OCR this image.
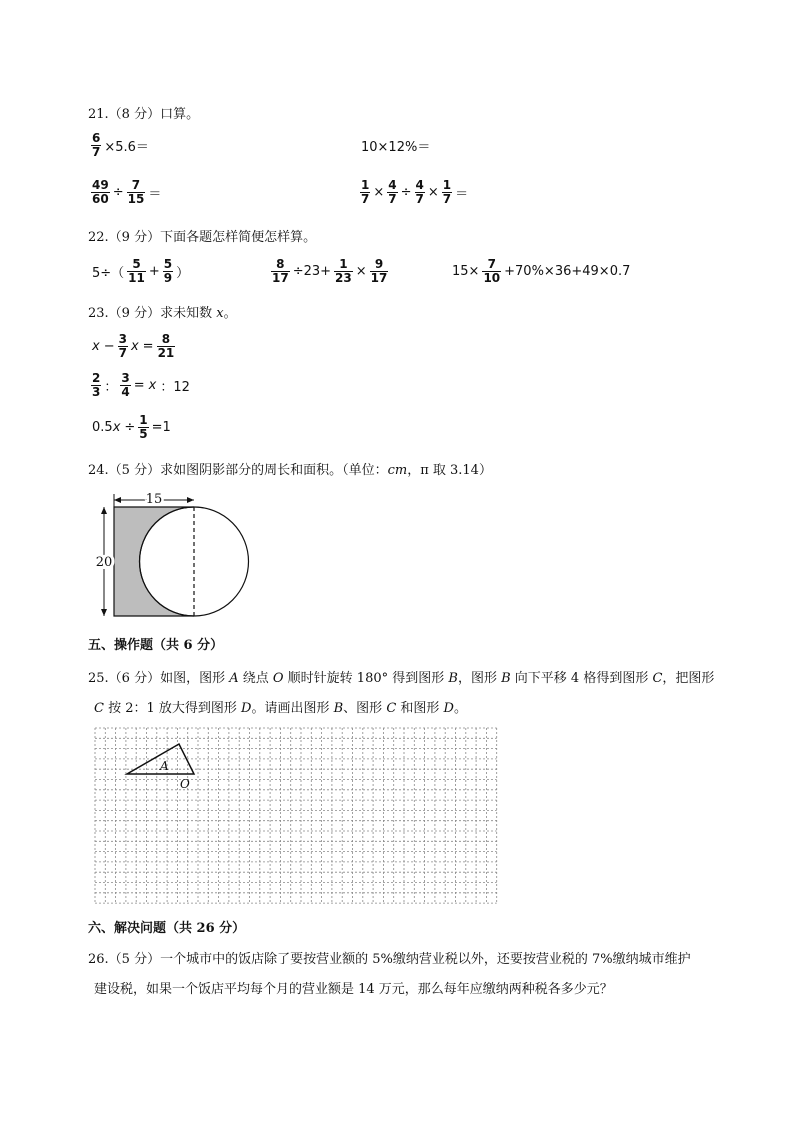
21.（8 分）口算。
$\frac{6}{7} \times 5.6=$	10×12%＝
$\frac{49}{60} \div \frac{7}{15}$ ＝	$\frac{1}{7} \times \frac{4}{7} \div \frac{4}{7} \times \frac{1}{7}$ ＝
22.（9 分）下面各题怎样简便怎样算。
$5\div( \frac{5}{11} + \frac{5}{9}$ ）	$\frac{8}{17} \div 23+ \frac{1}{23} \times \frac{9}{17}$	$15\times \frac{7}{10} +70\%\times 36+49\times 0.7$
23.（9 分）求未知数 x。
$x - \frac{3}{7}$ $x = \frac{8}{21}$
$\frac{2}{3}$ ： $\frac{3}{4} = x$ ：12
0.5 $x \div \frac{1}{5} =1$
24.（5 分）求如图阴影部分的周长和面积。（单位：cm，π 取 3.14）
15
20
五、操作题（共 6 分）
25.（6 分）如图，图形 A 绕点 O 顺时针旋转 180° 得到图形 B，图形 B 向下平移 4 格得到图形 C，把图形
C 按 2：1 放大得到图形 D。请画出图形 B、图形 C 和图形 D。
A
O
六、解决问题（共 26 分）
26.（5 分）一个城市中的饭店除了要按营业额的 5%缴纳营业税以外，还要按营业税的 7%缴纳城市维护
建设税，如果一个饭店平均每个月的营业额是 14 万元，那么每年应缴纳两种税各多少元？
